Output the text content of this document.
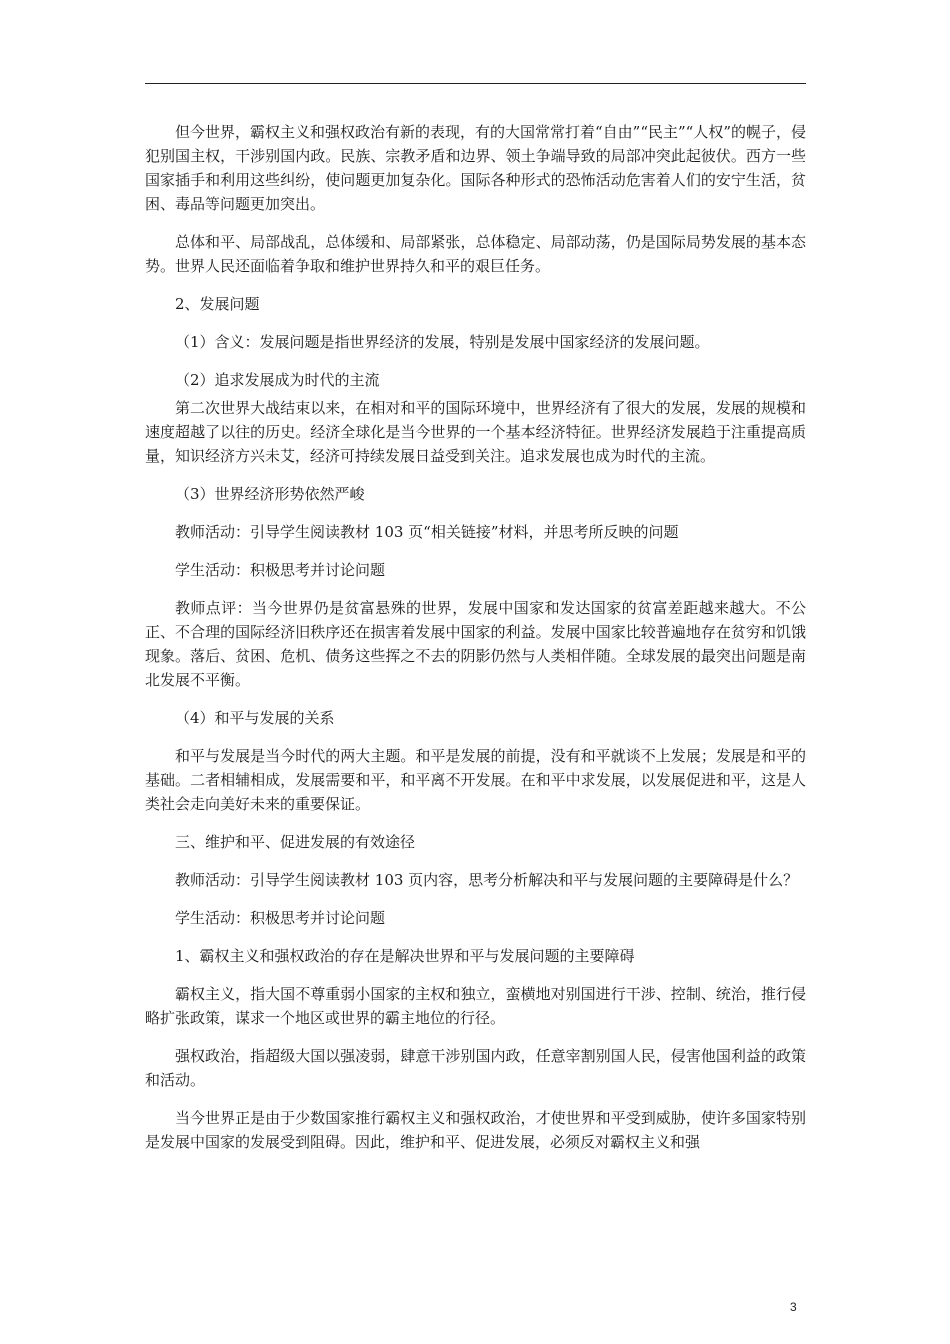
但今世界，霸权主义和强权政治有新的表现，有的大国常常打着“自由”“民主”“人权”的幌子，侵犯别国主权，干涉别国内政。民族、宗教矛盾和边界、领土争端导致的局部冲突此起彼伏。西方一些国家插手和利用这些纠纷，使问题更加复杂化。国际各种形式的恐怖活动危害着人们的安宁生活，贫困、毒品等问题更加突出。

总体和平、局部战乱，总体缓和、局部紧张，总体稳定、局部动荡，仍是国际局势发展的基本态势。世界人民还面临着争取和维护世界持久和平的艰巨任务。

2、发展问题

（1）含义：发展问题是指世界经济的发展，特别是发展中国家经济的发展问题。

（2）追求发展成为时代的主流

第二次世界大战结束以来，在相对和平的国际环境中，世界经济有了很大的发展，发展的规模和速度超越了以往的历史。经济全球化是当今世界的一个基本经济特征。世界经济发展趋于注重提高质量，知识经济方兴未艾，经济可持续发展日益受到关注。追求发展也成为时代的主流。

（3）世界经济形势依然严峻

教师活动：引导学生阅读教材 103 页“相关链接”材料，并思考所反映的问题

学生活动：积极思考并讨论问题

教师点评：当今世界仍是贫富悬殊的世界，发展中国家和发达国家的贫富差距越来越大。不公正、不合理的国际经济旧秩序还在损害着发展中国家的利益。发展中国家比较普遍地存在贫穷和饥饿现象。落后、贫困、危机、债务这些挥之不去的阴影仍然与人类相伴随。全球发展的最突出问题是南北发展不平衡。

（4）和平与发展的关系

和平与发展是当今时代的两大主题。和平是发展的前提，没有和平就谈不上发展；发展是和平的基础。二者相辅相成，发展需要和平，和平离不开发展。在和平中求发展，以发展促进和平，这是人类社会走向美好未来的重要保证。

三、维护和平、促进发展的有效途径

教师活动：引导学生阅读教材 103 页内容，思考分析解决和平与发展问题的主要障碍是什么？

学生活动：积极思考并讨论问题

1、霸权主义和强权政治的存在是解决世界和平与发展问题的主要障碍

霸权主义，指大国不尊重弱小国家的主权和独立，蛮横地对别国进行干涉、控制、统治，推行侵略扩张政策，谋求一个地区或世界的霸主地位的行径。

强权政治，指超级大国以强凌弱，肆意干涉别国内政，任意宰割别国人民，侵害他国利益的政策和活动。

当今世界正是由于少数国家推行霸权主义和强权政治，才使世界和平受到威胁，使许多国家特别是发展中国家的发展受到阻碍。因此，维护和平、促进发展，必须反对霸权主义和强

3
